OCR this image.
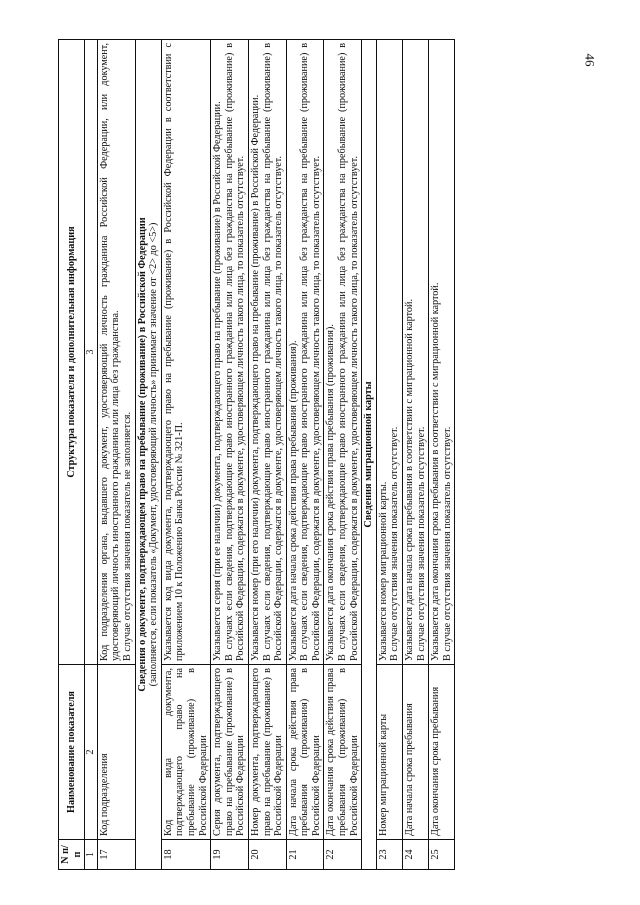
46
N п/п	Наименование показателя	Структура показателя и дополнительная информация
1	2	3
17	Код подразделения	Код подразделения органа, выдавшего документ, удостоверяющий личность гражданина Российской Федерации, или документ, удостоверяющий личность иностранного гражданина или лица без гражданства. В случае отсутствия значения показатель не заполняется.

Сведения о документе, подтверждающем право на пребывание (проживание) в Российской Федерации (заполняется, если показатель «Документ, удостоверяющий личность» принимает значение от <2> до <5>)		

18	Код вида документа, подтверждающего право на пребывание (проживание) в Российской Федерации	Указывается код вида документа, подтверждающего право на пребывание (проживание) в Российской Федерации в соответствии с приложением 10 к Положению Банка России № 321-П.

19	Серия документа, подтверждающего право на пребывание (проживание) в Российской Федерации	Указывается серия (при ее наличии) документа, подтверждающего право на пребывание (проживание) в Российской Федерации. В случаях если сведения, подтверждающие право иностранного гражданина или лица без гражданства на пребывание (проживание) в Российской Федерации, содержатся в документе, удостоверяющем личность такого лица, то показатель отсутствует.

20	Номер документа, подтверждающего право на пребывание (проживание) в Российской Федерации	Указывается номер (при его наличии) документа, подтверждающего право на пребывание (проживание) в Российской Федерации. В случаях если сведения, подтверждающие право иностранного гражданина или лица без гражданства на пребывание (проживание) в Российской Федерации, содержатся в документе, удостоверяющем личность такого лица, то показатель отсутствует.

21	Дата начала срока действия права пребывания (проживания) в Российской Федерации	Указывается дата начала срока действия права пребывания (проживания). В случаях если сведения, подтверждающие право иностранного гражданина или лица без гражданства на пребывание (проживание) в Российской Федерации, содержатся в документе, удостоверяющем личность такого лица, то показатель отсутствует.

22	Дата окончания срока действия права пребывания (проживания) в Российской Федерации	Указывается дата окончания срока действия права пребывания (проживания). В случаях если сведения, подтверждающие право иностранного гражданина или лица без гражданства на пребывание (проживание) в Российской Федерации, содержатся в документе, удостоверяющем личность такого лица, то показатель отсутствует.

Сведения миграционной карты		

23	Номер миграционной карты	Указывается номер миграционной карты. В случае отсутствия значения показатель отсутствует.

24	Дата начала срока пребывания	Указывается дата начала срока пребывания в соответствии с миграционной картой. В случае отсутствия значения показатель отсутствует.

25	Дата окончания срока пребывания	Указывается дата окончания срока пребывания в соответствии с миграционной картой. В случае отсутствия значения показатель отсутствует.
